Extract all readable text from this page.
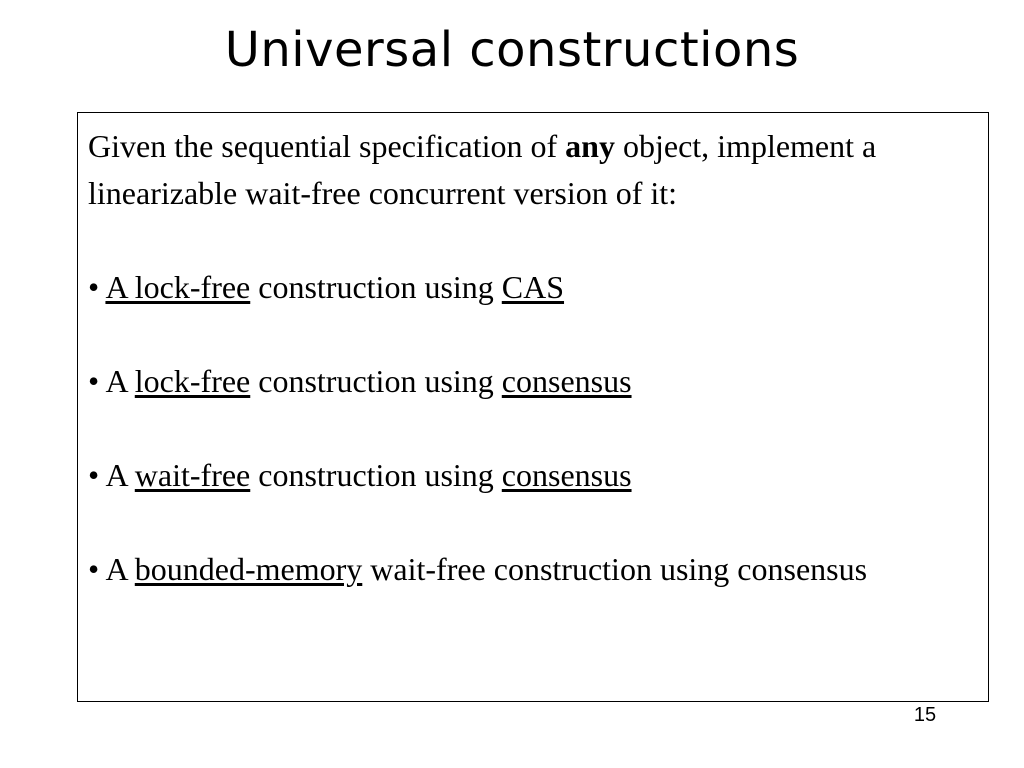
Universal constructions

Given the sequential specification of any object, implement a linearizable wait-free concurrent version of it:

• A lock-free construction using CAS
• A lock-free construction using consensus
• A wait-free construction using consensus
• A bounded-memory wait-free construction using consensus
15
